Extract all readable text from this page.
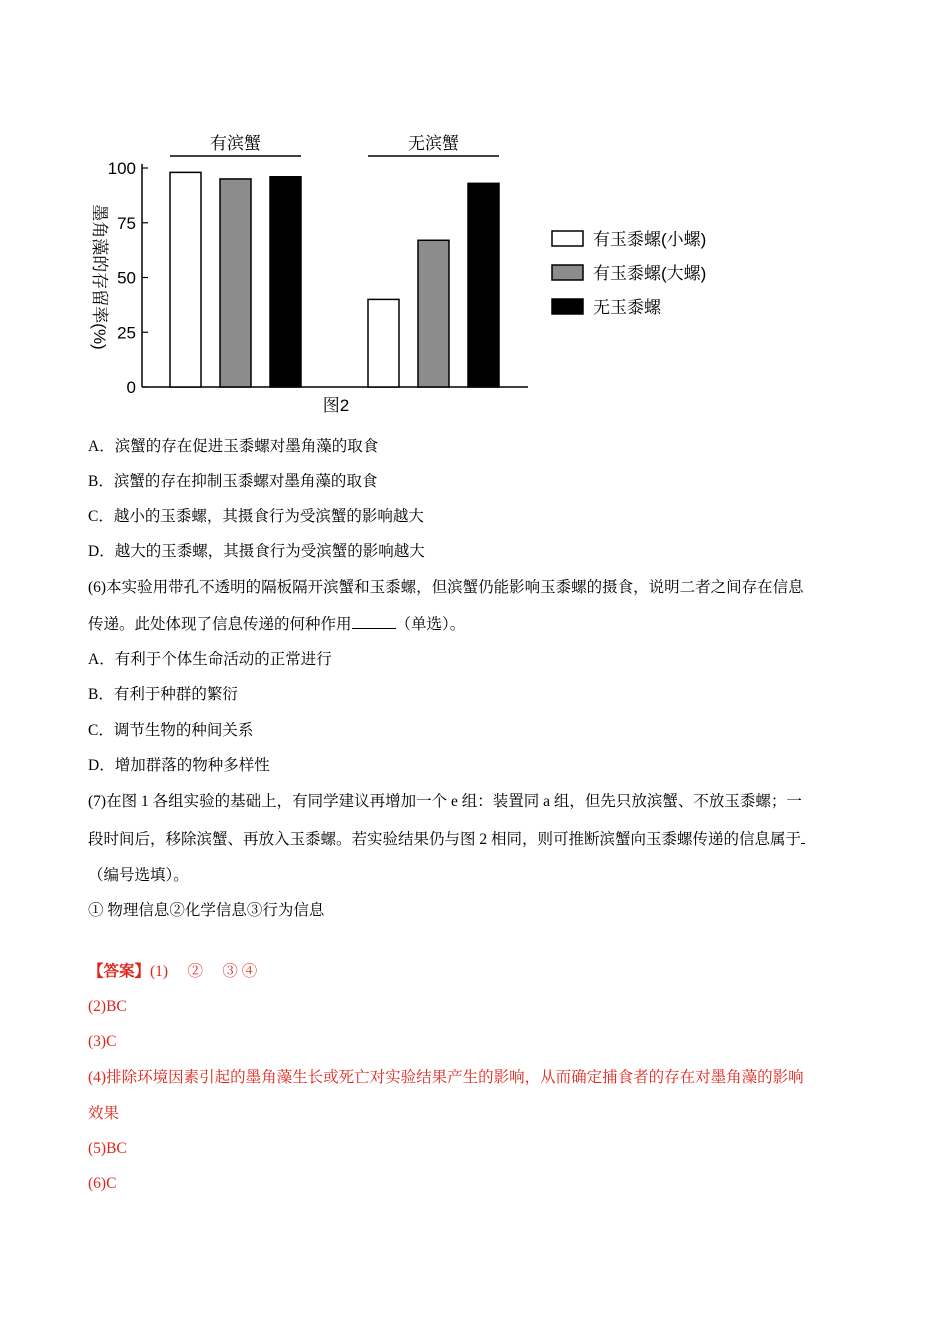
0
25
50
75
100
墨角藻的存留率(%)
有滨蟹	无滨蟹
图2
有玉黍螺(小螺)
有玉黍螺(大螺)
无玉黍螺
A．滨蟹的存在促进玉黍螺对墨角藻的取食
B．滨蟹的存在抑制玉黍螺对墨角藻的取食
C．越小的玉黍螺，其摄食行为受滨蟹的影响越大
D．越大的玉黍螺，其摄食行为受滨蟹的影响越大
(6)本实验用带孔不透明的隔板隔开滨蟹和玉黍螺，但滨蟹仍能影响玉黍螺的摄食，说明二者之间存在信息
传递。此处体现了信息传递的何种作用	（单选）。
A．有利于个体生命活动的正常进行
B．有利于种群的繁衍
C．调节生物的种间关系
D．增加群落的物种多样性
(7)在图 1 各组实验的基础上，有同学建议再增加一个 e 组：装置同 a 组，但先只放滨蟹、不放玉黍螺；一
段时间后，移除滨蟹、再放入玉黍螺。若实验结果仍与图 2 相同，则可推断滨蟹向玉黍螺传递的信息属于
（编号选填）。
① 物理信息②化学信息③行为信息
【答案】(1)　 ②　 ③ ④
(2)BC
(3)C
(4)排除环境因素引起的墨角藻生长或死亡对实验结果产生的影响，从而确定捕食者的存在对墨角藻的影响
效果
(5)BC
(6)C
